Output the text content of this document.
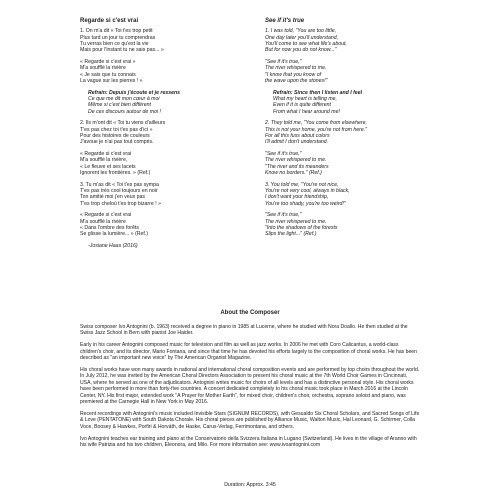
Regarde si c'est vrai
1. On m'a dit « Toi t'es trop petit
Plus tard un jour tu comprendras
Tu verras bien ce qu'est la vie
Mais pour l'instant tu ne sais pas... »
« Regarde si c'est vrai »
M'a soufflé la rivière
« Je sais que tu connais
La vague sur les pierres ! »
Refrain: Depuis j'écoute et je ressens
Ce que me dit mon cœur à moi
Même si c'est bien différent
De ces discours autour de moi !
2. Ils m'ont dit « Toi tu viens d'ailleurs
T'es pas chez toi t'es pas d'ici »
Pour des histoires de couleurs
J'avoue je n'ai pas tout compris.
« Regarde si c'est vrai
M'a soufflé la rivière,
« Le fleuve et ses lacets
Ignorent les frontières. » (Ref.)
3. Tu m'as dit « Toi t'es pas sympa
T'es pas très cool toujours en noir
Ton amitié moi j'en veux pas
T'es trop cheloù t'es trop bizarre ! »
« Regarde si c'est vrai
M'a soufflé la rivière
« Dans l'ombre des forêts
Se glisse la lumière... » (Ref.)
-Josiane Haas (2016)
See if it's true
1. I was told, "You are too little,
One day later you'll understand,
You'll come to see what life's about,
But for now you do not know..."
"See if it's true,"
The river whispered to me.
"I know that you know of
the wave upon the stones!"
Refrain: Since then I listen and I feel
What my heart is telling me,
Even if it is quite different
From what I hear around me!
2. They told me, "You come from elsewhere,
This is not your home, you're not from here."
For all this fuss about colors
I'll admit I don't understand.
"See if it's true,"
The river whispered to me.
"The river and its meanders
Know no borders." (Ref.)
3. You told me, "You're not nice,
You're not very cool, always in black,
I don't want your friendship,
You're too shady, you're too weird!"
"See if it's true,"
The river whispered to me.
"Into the shadows of the forests
Slips the light..." (Ref.)
About the Composer

Swiss composer Ivo Antognini (b. 1963) received a degree in piano in 1985 at Lucerne, where he studied with Nora Doallo. He then studied at the Swiss Jazz School in Bern with pianist Joe Haider.

Early in his career Antognini composed music for television and film as well as jazz works. In 2006 he met with Coro Calicantus, a world-class children's choir, and its director, Mario Fontana, and since that time he has devoted his efforts largely to the composition of choral works. He has been described as "an important new voice" by The American Organist Magazine.

His choral works have won many awards in national and international choral composition events and are performed by top choirs throughout the world. In July 2012, he was invited by the American Choral Directors Association to present his choral music at the 7th World Choir Games in Cincinnati, USA, where he served as one of the adjudicators. Antognini writes music for choirs of all levels and has a distinctive personal style. His choral works have been performed in more than forty-five countries. A concert dedicated completely to his choral music took place in March 2016 at the Lincoln Center, NY. His first major, extended work "A Prayer for Mother Earth", for mixed choir, children's choir, orchestra, soprano soloist and piano, was premiered at the Carnegie Hall in New York in May 2016.

Recent recordings with Antognini's music included Invisible Stars (SIGNUM RECORDS), with Gesualdo Six Choral Scholars, and Sacred Songs of Life & Love (PENTATONE) with South Dakota Chorale. His choral pieces are published by Alliance Music, Walton Music, Hal Leonard, G. Schirmer, Colla Voce, Boosey & Hawkes, Porfiri & Horváth, de Haske, Carus-Verlag, Ferrimontana, and others.

Ivo Antognini teaches ear training and piano at the Conservatorio della Svizzera Italiana in Lugano (Switzerland). He lives in the village of Aranno with his wife Patrizia and his two children, Eleonora, and Milo. For more information see: www.ivoantognini.com

Duration: Approx. 3:45
